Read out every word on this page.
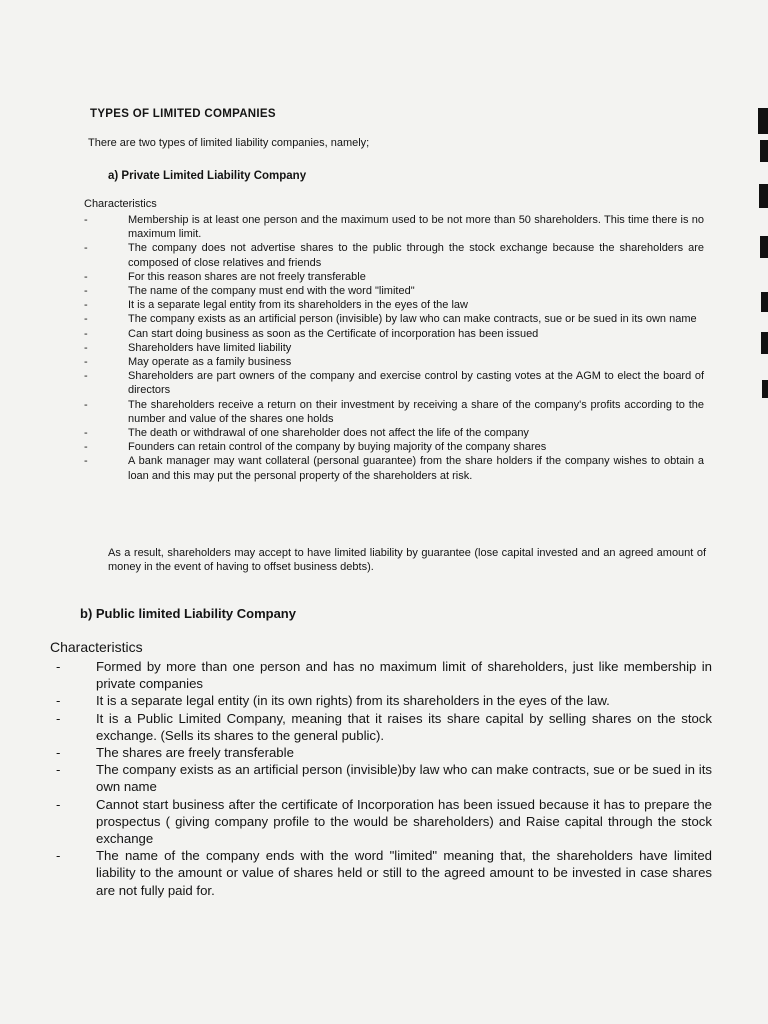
TYPES OF LIMITED COMPANIES
There are two types of limited liability companies, namely;
a) Private Limited Liability Company
Characteristics
-	Membership is at least one person and the maximum used to be not more than 50 shareholders. This time there is no maximum limit.
-	The company does not advertise shares to the public through the stock exchange because the shareholders are composed of close relatives and friends
-	For this reason shares are not freely transferable
-	The name of the company must end with the word "limited"
-	It is a separate legal entity from its shareholders in the eyes of the law
-	The company exists as an artificial person (invisible) by law who can make contracts, sue or be sued in its own name
-	Can start doing business as soon as the Certificate of incorporation has been issued
-	Shareholders have limited liability
-	May operate as a family business
-	Shareholders are part owners of the company and exercise control by casting votes at the AGM to elect the board of directors
-	The shareholders receive a return on their investment by receiving a share of the company's profits according to the number and value of the shares one holds
-	The death or withdrawal of one shareholder does not affect the life of the company
-	Founders can retain control of the company by buying majority of the company shares
-	A bank manager may want collateral (personal guarantee) from the share holders if the company wishes to obtain a loan and this may put the personal property of the shareholders at risk.
As a result, shareholders may accept to have limited liability by guarantee (lose capital invested and an agreed amount of money in the event of having to offset business debts).
b) Public limited Liability Company
Characteristics
-	Formed by more than one person and has no maximum limit of shareholders, just like membership in private companies
-	It is a separate legal entity (in its own rights) from its shareholders in the eyes of the law.
-	It is a Public Limited Company, meaning that it raises its share capital by selling shares on the stock exchange. (Sells its shares to the general public).
-	The shares are freely transferable
-	The company exists as an artificial person (invisible)by law who can make contracts, sue or be sued in its own name
-	Cannot start business after the certificate of Incorporation has been issued because it has to prepare the prospectus ( giving company profile to the would be shareholders) and Raise capital through the stock exchange
-	The name of the company ends with the word "limited" meaning that, the shareholders have limited liability to the amount or value of shares held or still to the agreed amount to be invested in case shares are not fully paid for.
